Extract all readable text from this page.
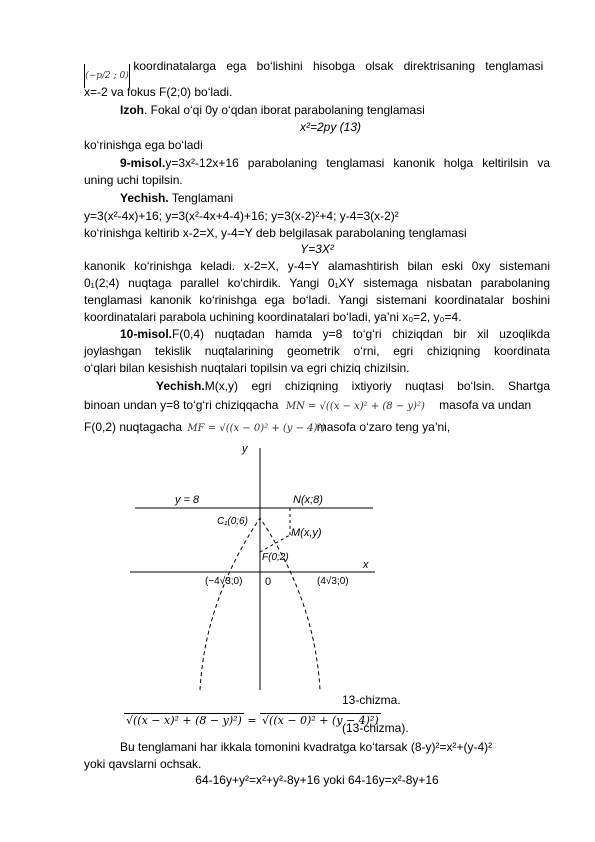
(−p/2 ; 0) koordinatalarga ega bo‘lishini hisobga olsak direktrisaning tenglamasi
x=-2 va fokus F(2;0) bo‘ladi.
Izoh. Fokal o‘qi 0y o‘qdan iborat parabolaning tenglamasi
x²=2py (13)
ko‘rinishga ega bo‘ladi
9-misol.y=3x²-12x+16 parabolaning tenglamasi kanonik holga keltirilsin va
uning uchi topilsin.
Yechish. Tenglamani
y=3(x²-4x)+16; y=3(x²-4x+4-4)+16; y=3(x-2)²+4; y-4=3(x-2)²
ko‘rinishga keltirib x-2=X, y-4=Y deb belgilasak parabolaning tenglamasi
Y=3X²
kanonik ko‘rinishga keladi. x-2=X, y-4=Y alamashtirish bilan eski 0xy sistemani
0₁(2;4) nuqtaga parallel ko‘chirdik. Yangi 0₁XY sistemaga nisbatan parabolaning
tenglamasi kanonik ko‘rinishga ega bo‘ladi. Yangi sistemani koordinatalar boshini
koordinatalari parabola uchining koordinatalari bo‘ladi, ya’ni x₀=2, y₀=4.
10-misol.F(0,4) nuqtadan hamda y=8 to‘g‘ri chiziqdan bir xil uzoqlikda
joylashgan tekislik nuqtalarining geometrik o‘rni, egri chiziqning koordinata
o‘qlari bilan kesishish nuqtalari topilsin va egri chiziq chizilsin.
Yechish.M(x,y) egri chiziqning ixtiyoriy nuqtasi bo‘lsin. Shartga
binoan undan y=8 to‘g‘ri chiziqqacha MN = √((x − x)² + (8 − y)²) masofa va undan
F(0,2) nuqtagacha MF = √((x − 0)² + (y − 4)²) masofa o‘zaro teng ya’ni,
y
x
y = 8	N(x;8)
M(x,y)
C₁(0;6)
F(0;2)
0
(−4√3;0)	(4√3;0)
13-chizma.
√((x − x)² + (8 − y)²) = √((x − 0)² + (y − 4)²)
(13-chizma).
Bu tenglamani har ikkala tomonini kvadratga ko‘tarsak (8-y)²=x²+(y-4)²
yoki qavslarni ochsak.
64-16y+y²=x²+y²-8y+16 yoki 64-16y=x²-8y+16
